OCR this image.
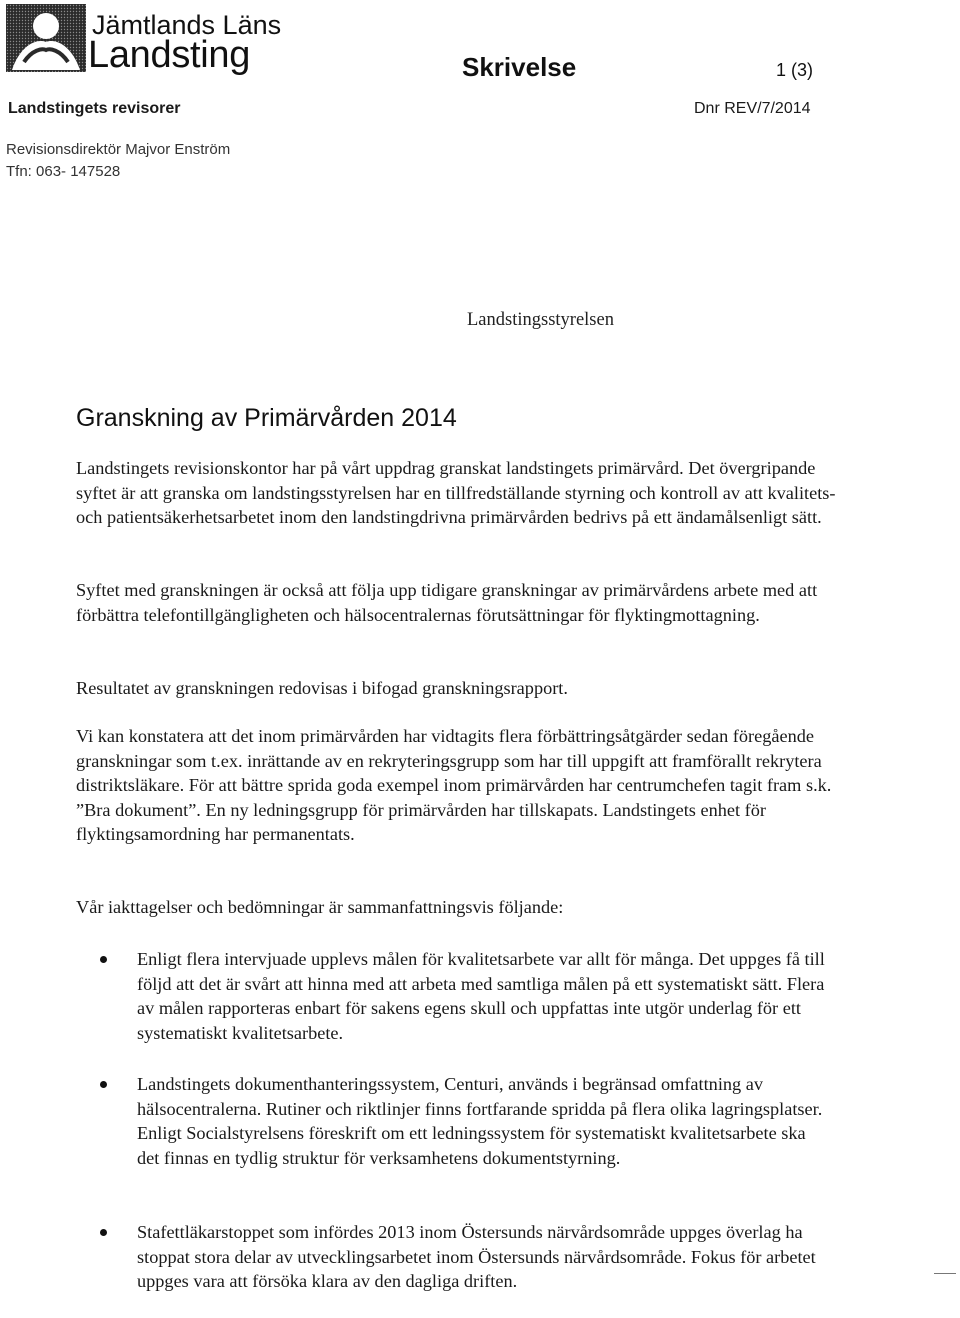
Jämtlands Läns
Landsting	Skrivelse	1 (3)
Landstingets revisorer	Dnr REV/7/2014
Revisionsdirektör Majvor Enström
Tfn: 063- 147528
Landstingsstyrelsen
Granskning av Primärvården 2014

Landstingets revisionskontor har på vårt uppdrag granskat landstingets primärvård. Det övergripande syftet är att granska om landstingsstyrelsen har en tillfredställande styrning och kontroll av att kvalitets- och patientsäkerhetsarbetet inom den landstingdrivna primärvården bedrivs på ett ändamålsenligt sätt.

Syftet med granskningen är också att följa upp tidigare granskningar av primärvårdens arbete med att förbättra telefontillgängligheten och hälsocentralernas förutsättningar för flyktingmottagning.

Resultatet av granskningen redovisas i bifogad granskningsrapport.

Vi kan konstatera att det inom primärvården har vidtagits flera förbättringsåtgärder sedan föregående granskningar som t.ex. inrättande av en rekryteringsgrupp som har till uppgift att framförallt rekrytera distriktsläkare. För att bättre sprida goda exempel inom primärvården har centrumchefen tagit fram s.k. ”Bra dokument”. En ny ledningsgrupp för primärvården har tillskapats. Landstingets enhet för flyktingsamordning har permanentats.

Vår iakttagelser och bedömningar är sammanfattningsvis följande:

Enligt flera intervjuade upplevs målen för kvalitetsarbete var allt för många. Det uppges få till följd att det är svårt att hinna med att arbeta med samtliga målen på ett systematiskt sätt. Flera av målen rapporteras enbart för sakens egens skull och uppfattas inte utgör underlag för ett systematiskt kvalitetsarbete.

Landstingets dokumenthanteringssystem, Centuri, används i begränsad omfattning av hälsocentralerna. Rutiner och riktlinjer finns fortfarande spridda på flera olika lagringsplatser. Enligt Socialstyrelsens föreskrift om ett ledningssystem för systematiskt kvalitetsarbete ska det finnas en tydlig struktur för verksamhetens dokumentstyrning.

Stafettläkarstoppet som infördes 2013 inom Östersunds närvårdsområde uppges överlag ha stoppat stora delar av utvecklingsarbetet inom Östersunds närvårdsområde. Fokus för arbetet uppges vara att försöka klara av den dagliga driften.
